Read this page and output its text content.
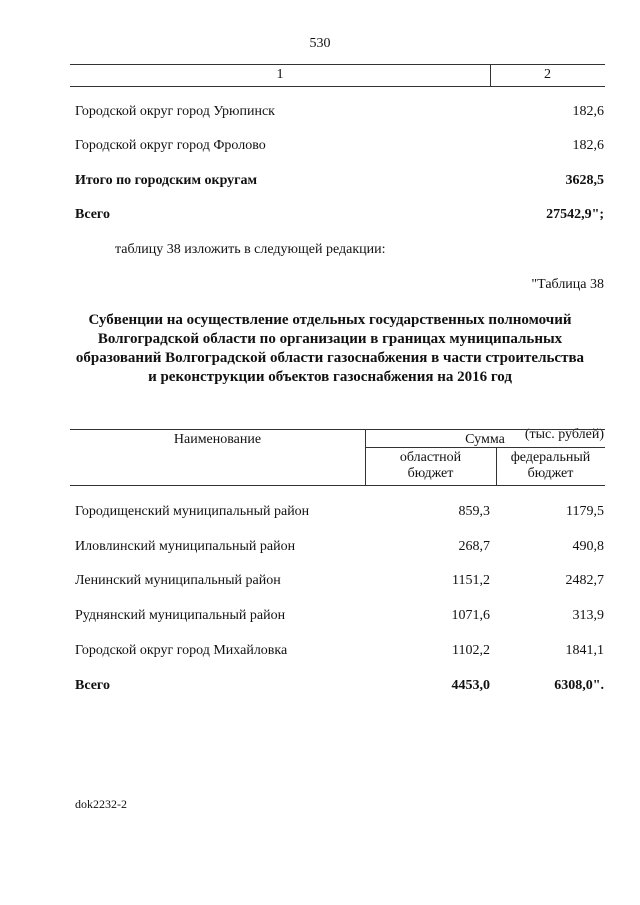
530
1	2
Городской округ город Урюпинск	182,6
Городской округ город Фролово	182,6
Итого по городским округам	3628,5
Всего	27542,9";
таблицу 38 изложить в следующей редакции:
"Таблица 38
Субвенции на осуществление отдельных государственных полномочий
Волгоградской области по организации в границах муниципальных
образований Волгоградской области газоснабжения в части строительства
и реконструкции объектов газоснабжения на 2016 год
(тыс. рублей)
Наименование	Сумма
областной
бюджет
федеральный
бюджет
Городищенский муниципальный район	859,3	1179,5
Иловлинский муниципальный район	268,7	490,8
Ленинский муниципальный район	1151,2	2482,7
Руднянский муниципальный район	1071,6	313,9
Городской округ город Михайловка	1102,2	1841,1
Всего	4453,0	6308,0".
dok2232-2
